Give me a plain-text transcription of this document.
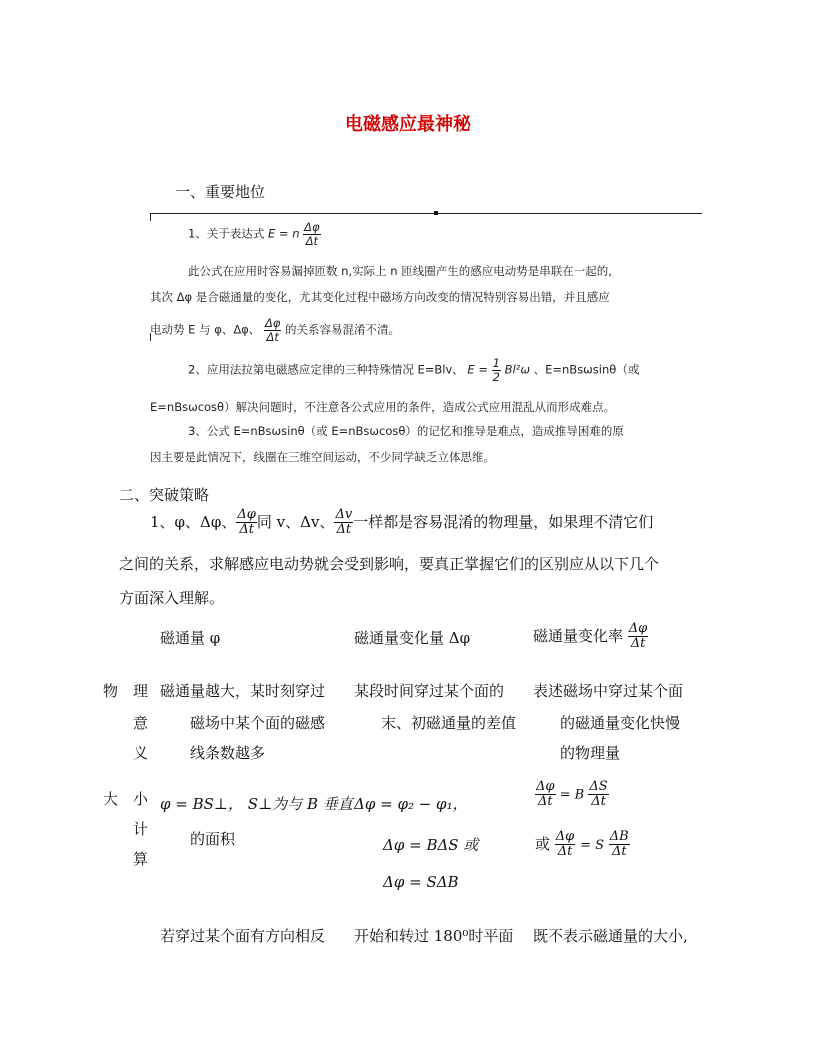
电磁感应最神秘
一、重要地位
1、关于表达式 E = n $\frac{\Delta\varphi}{\Delta t}$
此公式在应用时容易漏掉匝数 n,实际上 n 匝线圈产生的感应电动势是串联在一起的,
其次 Δφ 是合磁通量的变化，尤其变化过程中磁场方向改变的情况特别容易出错，并且感应
电动势 E 与 φ、Δφ、 $\frac{\Delta\varphi}{\Delta t}$ 的关系容易混淆不清。
2、应用法拉第电磁感应定律的三种特殊情况 E=Blv、 $E = \frac{1}{2} Bl^2\omega$ 、E=nBsωsinθ（或
E=nBsωcosθ）解决问题时，不注意各公式应用的条件，造成公式应用混乱从而形成难点。
3、公式 E=nBsωsinθ（或 E=nBsωcosθ）的记忆和推导是难点，造成推导困难的原
因主要是此情况下，线圈在三维空间运动，不少同学缺乏立体思维。
二、突破策略
1、φ、Δφ、 $\frac{\Delta\varphi}{\Delta t}$ 同 v、Δv、 $\frac{\Delta v}{\Delta t}$ 一样都是容易混淆的物理量，如果理不清它们
之间的关系，求解感应电动势就会受到影响，要真正掌握它们的区别应从以下几个
方面深入理解。
磁通量 φ	磁通量变化量 Δφ	磁通量变化率 $\frac{\Delta\varphi}{\Delta t}$
物 理
意
义
磁通量越大，某时刻穿过
磁场中某个面的磁感
线条数越多
某段时间穿过某个面的
末、初磁通量的差值
表述磁场中穿过某个面
的磁通量变化快慢
的物理量
大 小
计
算
φ = BS⊥， S⊥为与 B 垂直
的面积
Δφ = φ₂ − φ₁，
Δφ = BΔS 或
Δφ = SΔB
$\frac{\Delta\varphi}{\Delta t} = B \frac{\Delta S}{\Delta t}$
或 $\frac{\Delta\varphi}{\Delta t} = S \frac{\Delta B}{\Delta t}$
若穿过某个面有方向相反 开始和转过 180⁰时平面 既不表示磁通量的大小,
